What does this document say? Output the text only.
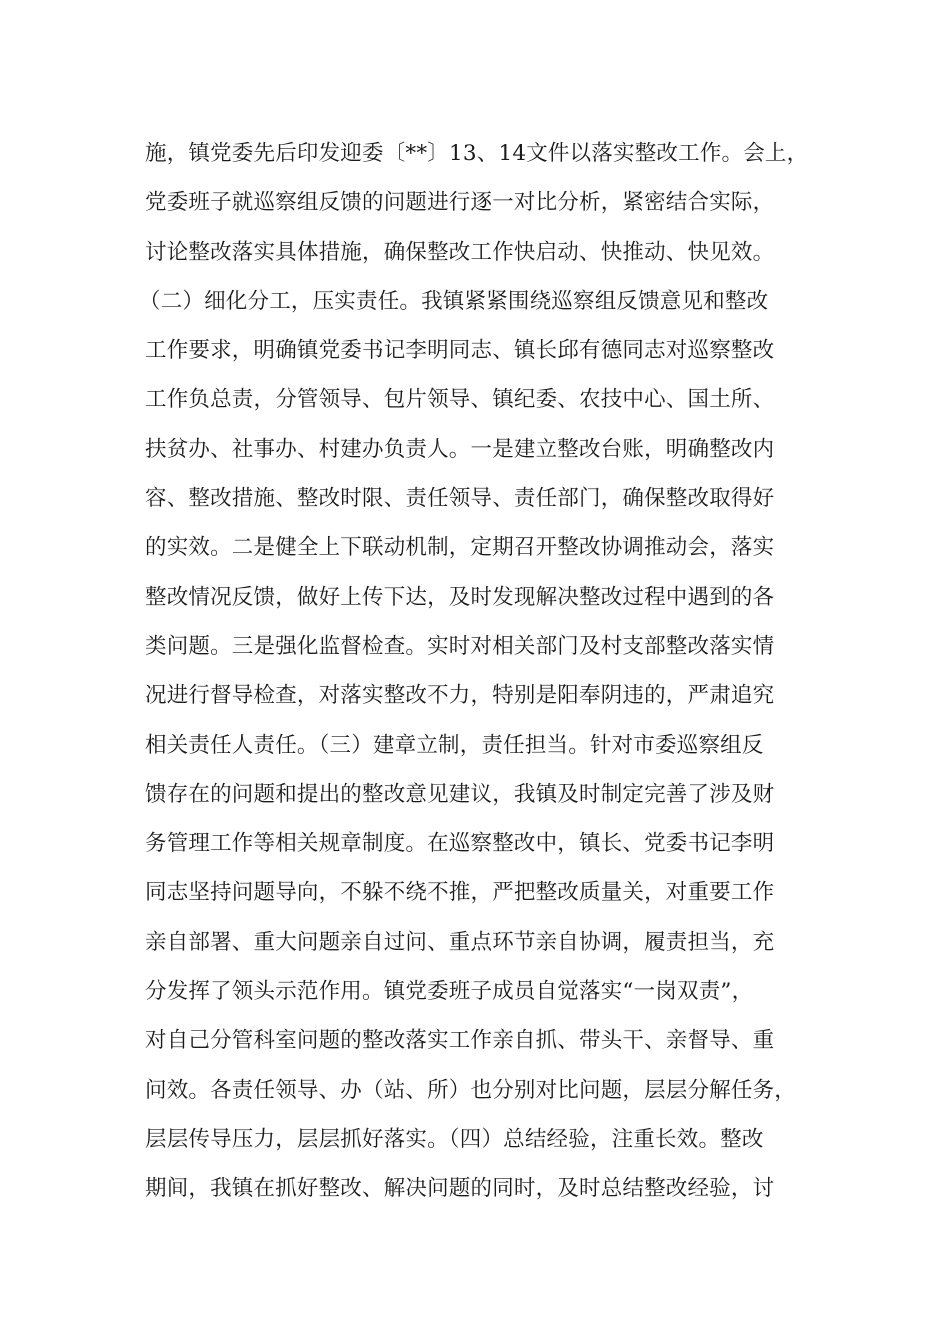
施，镇党委先后印发迎委〔**〕13、14文件以落实整改工作。会上，
党委班子就巡察组反馈的问题进行逐一对比分析，紧密结合实际，
讨论整改落实具体措施，确保整改工作快启动、快推动、快见效。
（二）细化分工，压实责任。我镇紧紧围绕巡察组反馈意见和整改
工作要求，明确镇党委书记李明同志、镇长邱有德同志对巡察整改
工作负总责，分管领导、包片领导、镇纪委、农技中心、国土所、
扶贫办、社事办、村建办负责人。一是建立整改台账，明确整改内
容、整改措施、整改时限、责任领导、责任部门，确保整改取得好
的实效。二是健全上下联动机制，定期召开整改协调推动会，落实
整改情况反馈，做好上传下达，及时发现解决整改过程中遇到的各
类问题。三是强化监督检查。实时对相关部门及村支部整改落实情
况进行督导检查，对落实整改不力，特别是阳奉阴违的，严肃追究
相关责任人责任。（三）建章立制，责任担当。针对市委巡察组反
馈存在的问题和提出的整改意见建议，我镇及时制定完善了涉及财
务管理工作等相关规章制度。在巡察整改中，镇长、党委书记李明
同志坚持问题导向，不躲不绕不推，严把整改质量关，对重要工作
亲自部署、重大问题亲自过问、重点环节亲自协调，履责担当，充
分发挥了领头示范作用。镇党委班子成员自觉落实“一岗双责”，
对自己分管科室问题的整改落实工作亲自抓、带头干、亲督导、重
问效。各责任领导、办（站、所）也分别对比问题，层层分解任务，
层层传导压力，层层抓好落实。（四）总结经验，注重长效。整改
期间，我镇在抓好整改、解决问题的同时，及时总结整改经验，讨
